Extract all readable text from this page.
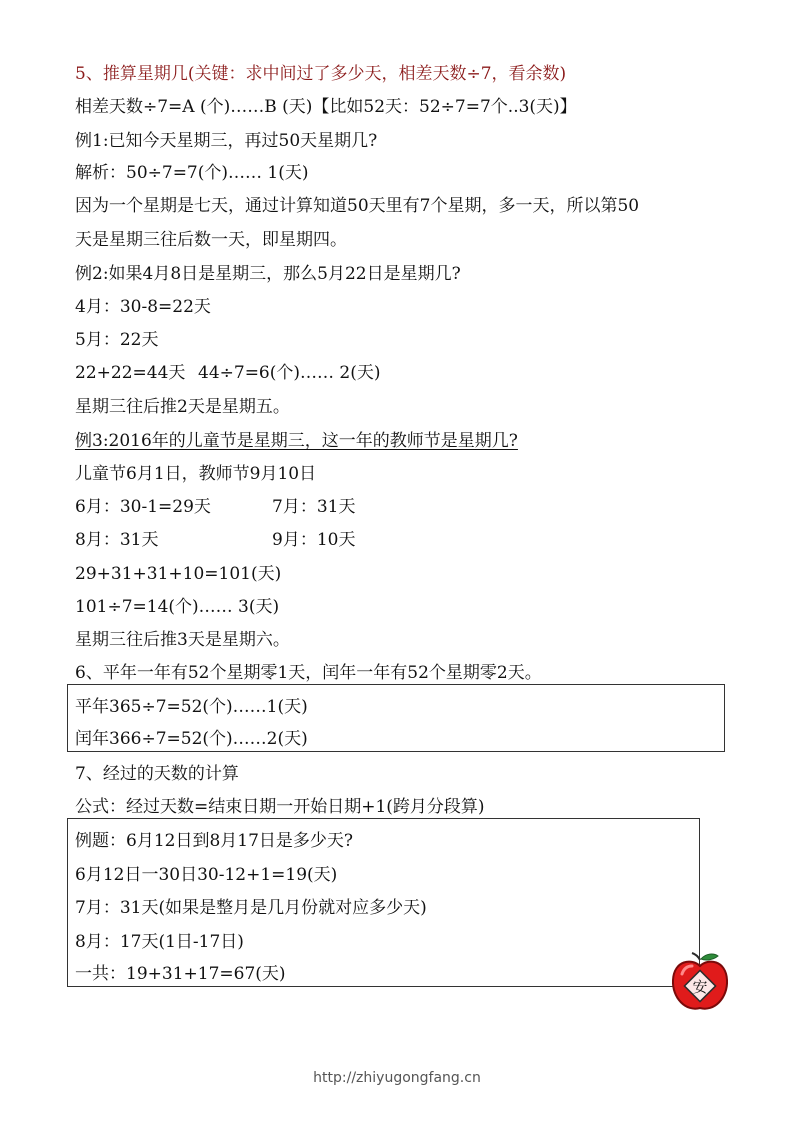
5、推算星期几(关键：求中间过了多少天，相差天数÷7，看余数)
相差天数÷7=A (个)……B (天)【比如52天：52÷7=7个..3(天)】
例1:已知今天星期三，再过50天星期几?
解析：50÷7=7(个)…… 1(天)
因为一个星期是七天，通过计算知道50天里有7个星期，多一天，所以第50
天是星期三往后数一天，即星期四。
例2:如果4月8日是星期三，那么5月22日是星期几?
4月：30-8=22天
5月：22天
22+22=44天 44÷7=6(个)…… 2(天)
星期三往后推2天是星期五。
例3:2016年的儿童节是星期三，这一年的教师节是星期几?
儿童节6月1日，教师节9月10日
6月：30-1=29天	7月：31天
8月：31天	9月：10天
29+31+31+10=101(天)
101÷7=14(个)…… 3(天)
星期三往后推3天是星期六。
6、平年一年有52个星期零1天，闰年一年有52个星期零2天。
平年365÷7=52(个)……1(天)
闰年366÷7=52(个)……2(天)
7、经过的天数的计算
公式：经过天数=结束日期一开始日期+1(跨月分段算)
例题：6月12日到8月17日是多少天?
6月12日一30日30-12+1=19(天)
7月：31天(如果是整月是几月份就对应多少天)
8月：17天(1日-17日)
一共：19+31+17=67(天)
安
http://zhiyugongfang.cn
